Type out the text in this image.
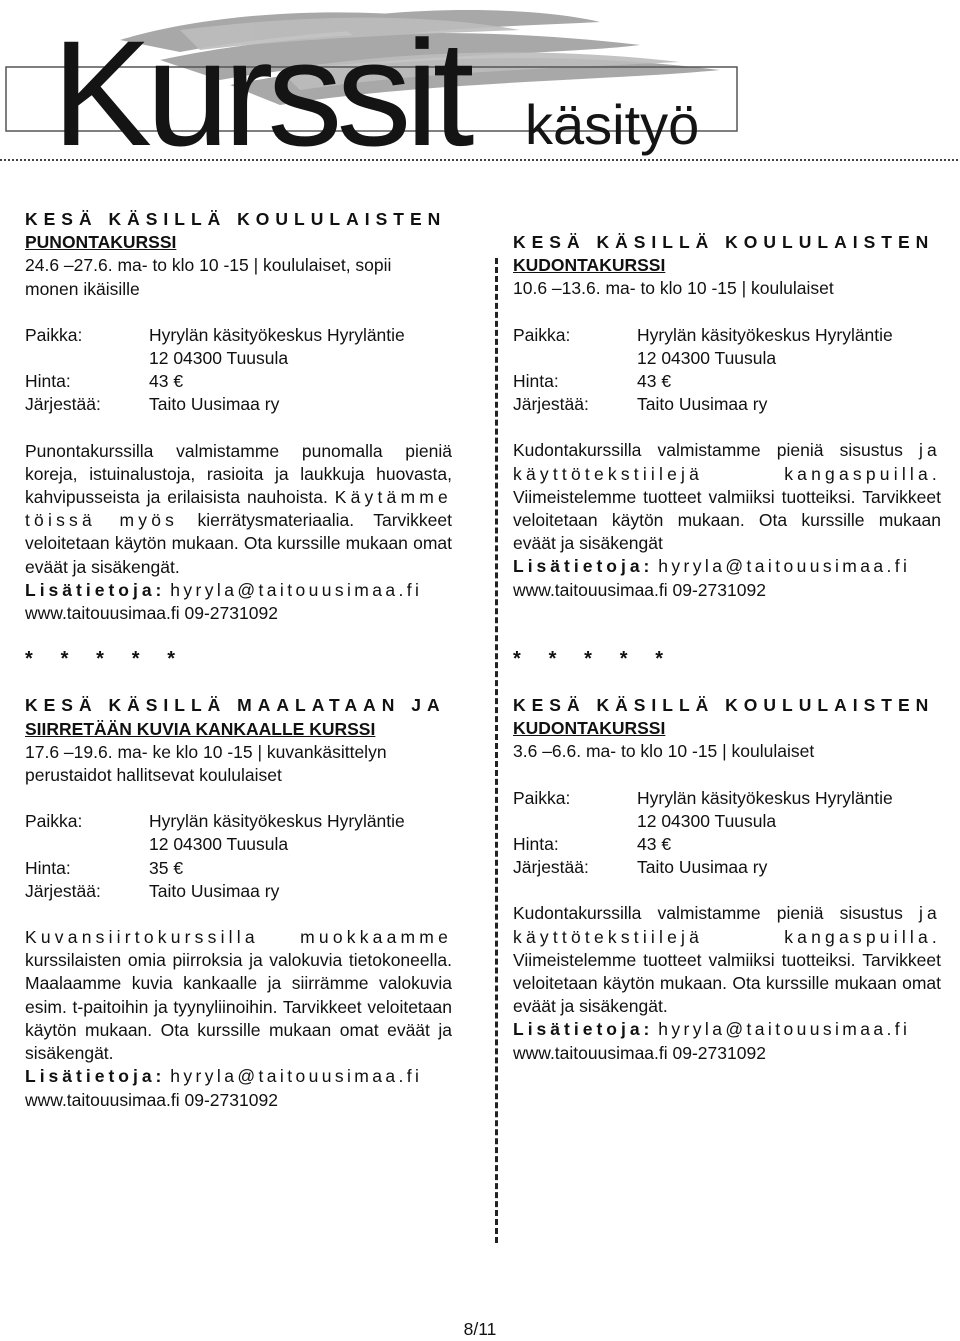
Kurssit käsityö

KESÄ KÄSILLÄ KOULULAISTEN

PUNONTAKURSSI

24.6 –27.6. ma- to klo 10 -15 | koululaiset, sopii

monen ikäisille

Paikka:	Hyrylän käsityökeskus Hyryläntie
12 04300 Tuusula
Hinta:	43 €
Järjestää:	Taito Uusimaa ry

Punontakurssilla valmistamme punomalla pieniä koreja, istuinalustoja, rasioita ja laukkuja huovasta, kahvipusseista ja erilaisista nauhoista. Käytämme töissä myös kierrätysmateriaalia. Tarvikkeet veloitetaan käytön mukaan. Ota kurssille mukaan omat eväät ja sisäkengät.

Lisätietoja: hyryla@taitouusimaa.fi

www.taitouusimaa.fi 09-2731092

*     *     *     *     *

KESÄ KÄSILLÄ MAALATAAN JA

SIIRRETÄÄN KUVIA KANKAALLE KURSSI

17.6 –19.6. ma- ke klo 10 -15 | kuvankäsittelyn

perustaidot hallitsevat koululaiset

Paikka:	Hyrylän käsityökeskus Hyryläntie
12 04300 Tuusula
Hinta:	35 €
Järjestää:	Taito Uusimaa ry

Kuvansiirtokurssilla muokkaamme kurssilaisten omia piirroksia ja valokuvia tietokoneella. Maalaamme kuvia kankaalle ja siirrämme valokuvia esim. t-paitoihin ja tyynyliinoihin. Tarvikkeet veloitetaan käytön mukaan. Ota kurssille mukaan omat eväät ja sisäkengät.

Lisätietoja: hyryla@taitouusimaa.fi

www.taitouusimaa.fi 09-2731092

KESÄ KÄSILLÄ KOULULAISTEN

KUDONTAKURSSI

10.6 –13.6. ma- to klo 10 -15 | koululaiset

Paikka:	Hyrylän käsityökeskus Hyryläntie
12 04300 Tuusula
Hinta:	43 €
Järjestää:	Taito Uusimaa ry

Kudontakurssilla valmistamme pieniä sisustus ja käyttötekstiilejä kangaspuilla. Viimeistelemme tuotteet valmiiksi tuotteiksi. Tarvikkeet veloitetaan käytön mukaan. Ota kurssille mukaan eväät ja sisäkengät

Lisätietoja: hyryla@taitouusimaa.fi

www.taitouusimaa.fi 09-2731092

*     *     *     *     *

KESÄ KÄSILLÄ KOULULAISTEN

KUDONTAKURSSI

3.6 –6.6. ma- to klo 10 -15 | koululaiset

Paikka:	Hyrylän käsityökeskus Hyryläntie
12 04300 Tuusula
Hinta:	43 €
Järjestää:	Taito Uusimaa ry

Kudontakurssilla valmistamme pieniä sisustus ja käyttötekstiilejä kangaspuilla. Viimeistelemme tuotteet valmiiksi tuotteiksi. Tarvikkeet veloitetaan käytön mukaan. Ota kurssille mukaan omat eväät ja sisäkengät.

Lisätietoja: hyryla@taitouusimaa.fi

www.taitouusimaa.fi 09-2731092

8/11
